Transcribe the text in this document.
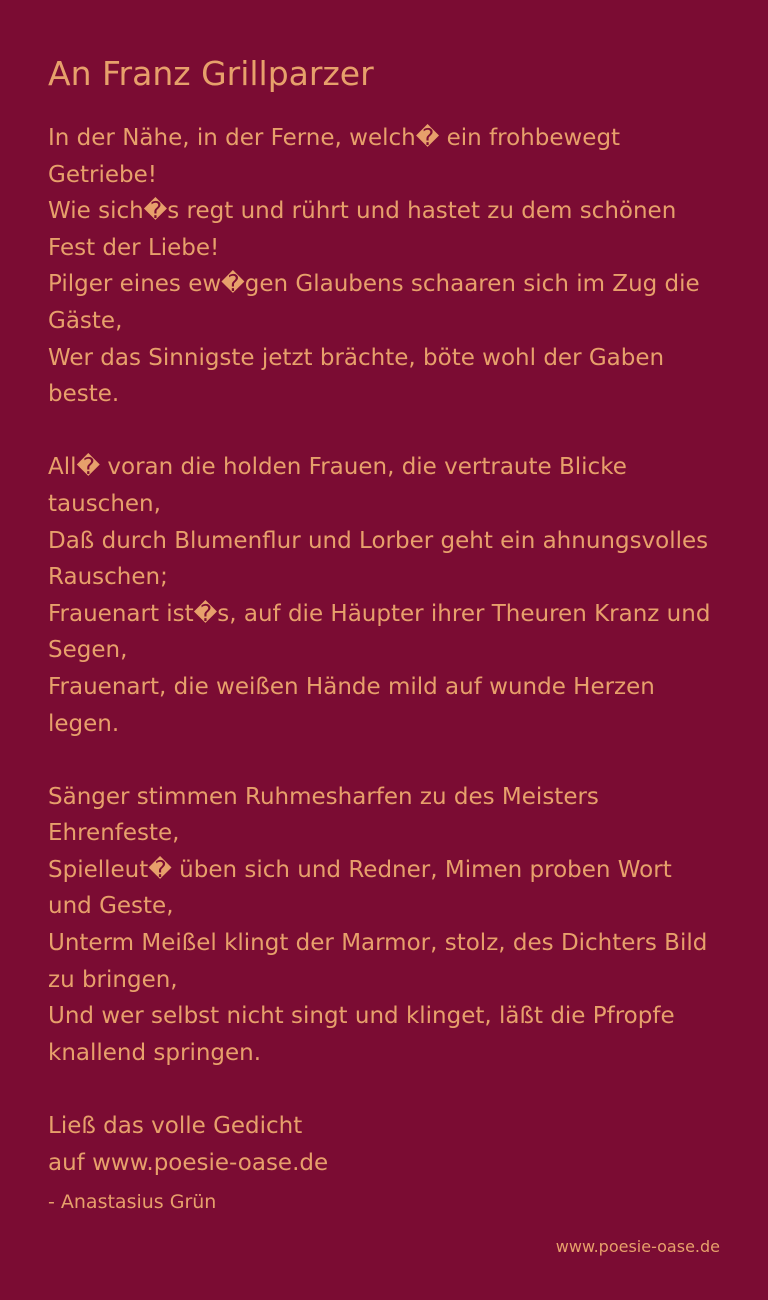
An Franz Grillparzer

In der Nähe, in der Ferne, welch� ein frohbewegt Getriebe!

Wie sich�s regt und rührt und hastet zu dem schönen Fest der Liebe!

Pilger eines ew�gen Glaubens schaaren sich im Zug die Gäste,

Wer das Sinnigste jetzt brächte, böte wohl der Gaben beste.

All� voran die holden Frauen, die vertraute Blicke tauschen,

Daß durch Blumenflur und Lorber geht ein ahnungsvolles Rauschen;

Frauenart ist�s, auf die Häupter ihrer Theuren Kranz und Segen,

Frauenart, die weißen Hände mild auf wunde Herzen legen.

Sänger stimmen Ruhmesharfen zu des Meisters Ehrenfeste,

Spielleut� üben sich und Redner, Mimen proben Wort und Geste,

Unterm Meißel klingt der Marmor, stolz, des Dichters Bild zu bringen,

Und wer selbst nicht singt und klinget, läßt die Pfropfe knallend springen.

Ließ das volle Gedicht

auf www.poesie-oase.de

- Anastasius Grün

www.poesie-oase.de
